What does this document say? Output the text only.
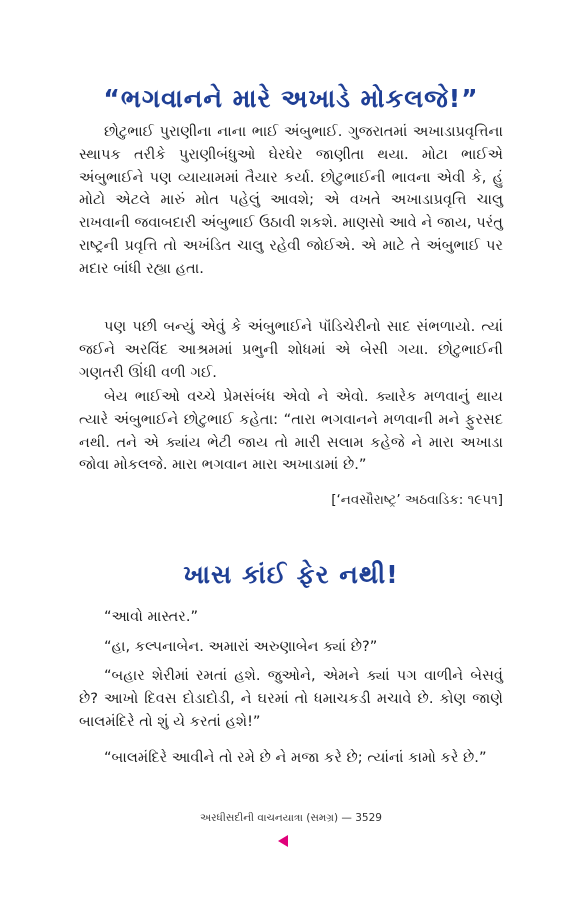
“ભગવાનને મારે અખાડે મોકલજે!”

છોટુભાઈ પુરાણીના નાના ભાઈ અંબુભાઈ. ગુજરાતમાં અખાડાપ્રવૃત્તિના સ્થાપક તરીકે પુરાણીબંધુઓ ઘેરઘેર જાણીતા થયા. મોટા ભાઈએ અંબુભાઈને પણ વ્યાયામમાં તૈયાર કર્યા. છોટુભાઈની ભાવના એવી કે, હું મોટો એટલે મારું મોત પહેલું આવશે; એ વખતે અખાડાપ્રવૃત્તિ ચાલુ રાખવાની જવાબદારી અંબુભાઈ ઉઠાવી શકશે. માણસો આવે ને જાય, પરંતુ રાષ્ટ્રની પ્રવૃત્તિ તો અખંડિત ચાલુ રહેવી જોઈએ. એ માટે તે અંબુભાઈ પર મદાર બાંધી રહ્યા હતા.

પણ પછી બન્યું એવું કે અંબુભાઈને પૉંડિચેરીનો સાદ સંભળાયો. ત્યાં જઈને અરવિંદ આશ્રમમાં પ્રભુની શોધમાં એ બેસી ગયા. છોટુભાઈની ગણતરી ઊંધી વળી ગઈ.

બેય ભાઈઓ વચ્ચે પ્રેમસંબંધ એવો ને એવો. ક્યારેક મળવાનું થાય ત્યારે અંબુભાઈને છોટુભાઈ કહેતા: “તારા ભગવાનને મળવાની મને ફુરસદ નથી. તને એ ક્યાંય ભેટી જાય તો મારી સલામ કહેજે ને મારા અખાડા જોવા મોકલજે. મારા ભગવાન મારા અખાડામાં છે.”

[‘નવસૌરાષ્ટ્ર’ અઠવાડિક: ૧૯૫૧]
ખાસ કાંઈ ફેર નથી!

“આવો માસ્તર.”

“હા, કલ્પનાબેન. અમારાં અરુણાબેન ક્યાં છે?”

“બહાર શેરીમાં રમતાં હશે. જુઓને, એમને ક્યાં પગ વાળીને બેસવું છે? આખો દિવસ દોડાદોડી, ને ઘરમાં તો ધમાચકડી મચાવે છે. કોણ જાણે બાલમંદિરે તો શું યે કરતાં હશે!”

“બાલમંદિરે આવીને તો રમે છે ને મજા કરે છે; ત્યાંનાં કામો કરે છે.”

અરધીસદીની વાચનયાત્રા (સમગ્ર) — 3529
